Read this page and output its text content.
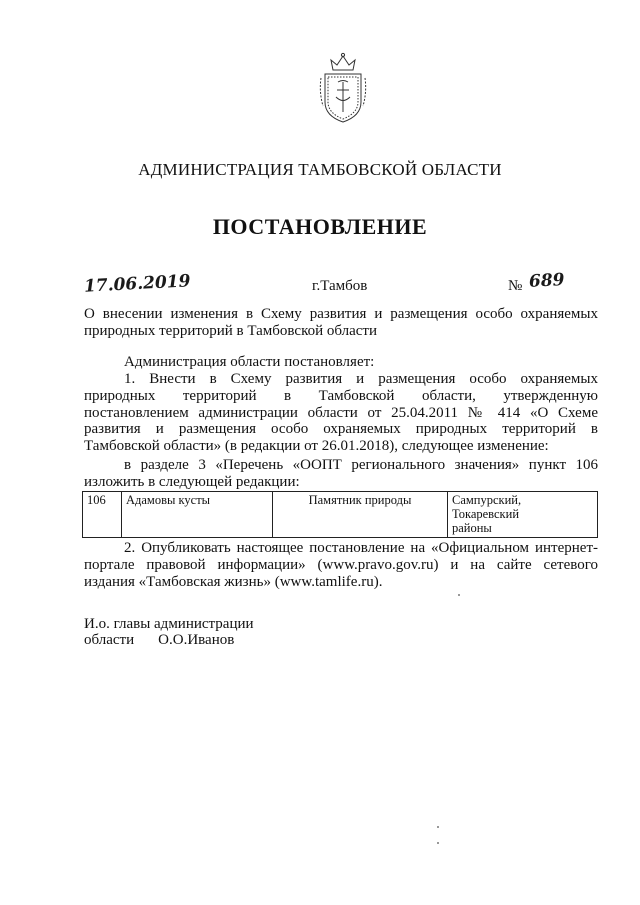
АДМИНИСТРАЦИЯ ТАМБОВСКОЙ ОБЛАСТИ
ПОСТАНОВЛЕНИЕ
17.06.2019	г.Тамбов	№ 689
О внесении изменения в Схему развития и размещения особо охраняемых
природных территорий в Тамбовской области
Администрация области постановляет:
1. Внести в Схему развития и размещения особо охраняемых
природных территорий в Тамбовской области, утвержденную
постановлением администрации области от 25.04.2011 № 414 «О Схеме
развития и размещения особо охраняемых природных территорий в
Тамбовской области» (в редакции от 26.01.2018), следующее изменение:
в разделе 3 «Перечень «ООПТ регионального значения» пункт 106
изложить в следующей редакции:
106	Адамовы кусты	Памятник природы	Сампурский,
Токаревский
районы
2. Опубликовать настоящее постановление на «Официальном интернет-
портале правовой информации» (www.pravo.gov.ru) и на сайте сетевого
издания «Тамбовская жизнь» (www.tamlife.ru).
И.о. главы администрации
области О.О.Иванов
